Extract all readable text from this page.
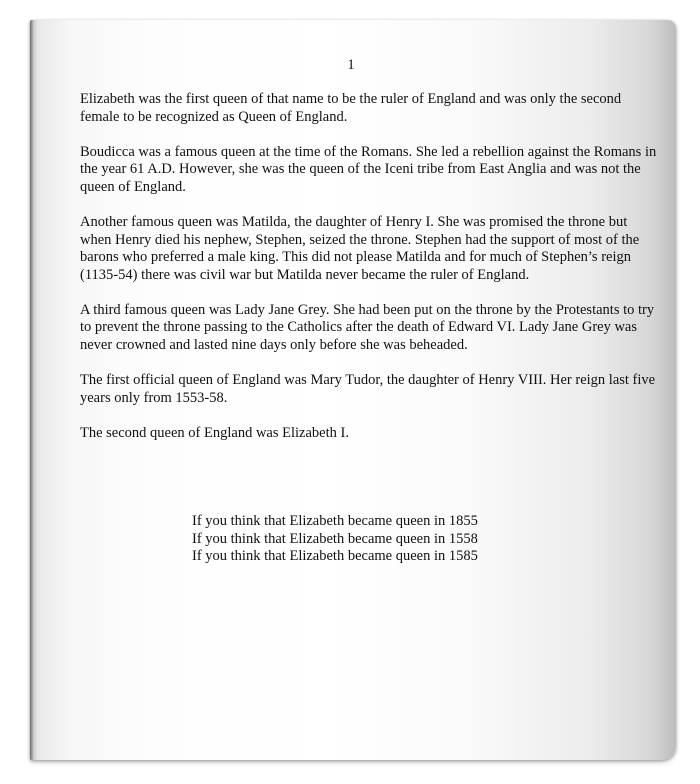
1

Elizabeth was the first queen of that name to be the ruler of England and was only the second female to be recognized as Queen of England.

Boudicca was a famous queen at the time of the Romans. She led a rebellion against the Romans in the year 61 A.D. However, she was the queen of the Iceni tribe from East Anglia and was not the queen of England.

Another famous queen was Matilda, the daughter of Henry I. She was promised the throne but when Henry died his nephew, Stephen, seized the throne. Stephen had the support of most of the barons who preferred a male king. This did not please Matilda and for much of Stephen’s reign (1135-54) there was civil war but Matilda never became the ruler of England.

A third famous queen was Lady Jane Grey. She had been put on the throne by the Protestants to try to prevent the throne passing to the Catholics after the death of Edward VI. Lady Jane Grey was never crowned and lasted nine days only before she was beheaded.

The first official queen of England was Mary Tudor, the daughter of Henry VIII. Her reign last five years only from 1553-58.

The second queen of England was Elizabeth I.

If you think that Elizabeth became queen in 1855
If you think that Elizabeth became queen in 1558
If you think that Elizabeth became queen in 1585
